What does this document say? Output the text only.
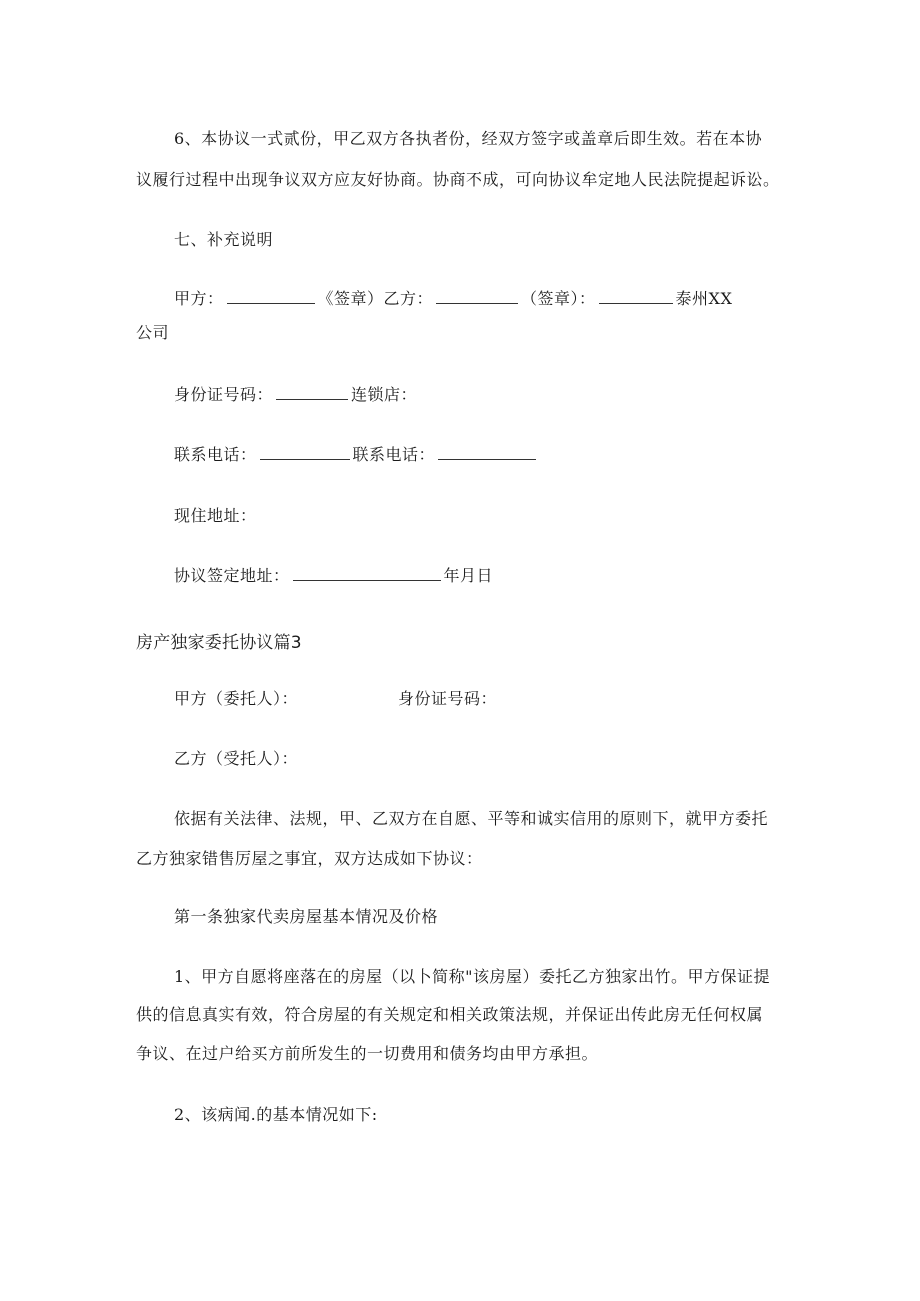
6、本协议一式贰份，甲乙双方各执者份，经双方签字或盖章后即生效。若在本协
议履行过程中出现争议双方应友好协商。协商不成，可向协议牟定地人民法院提起诉讼。
七、补充说明
甲方：	《签章）乙方：	（签章）：	泰州XX
公司
身份证号码：	连锁店：
联系电话：	联系电话：
现住地址：
协议签定地址：	年月日
房产独家委托协议篇3
甲方（委托人）：	身份证号码：
乙方（受托人）：
依据有关法律、法规，甲、乙双方在自愿、平等和诚实信用的原则下，就甲方委托
乙方独家错售厉屋之事宜，双方达成如下协议：
第一条独家代卖房屋基本情况及价格
1、甲方自愿将座落在的房屋（以卜简称"该房屋）委托乙方独家出竹。甲方保证提
供的信息真实有效，符合房屋的有关规定和相关政策法规，并保证出传此房无任何权属
争议、在过户给买方前所发生的一切费用和债务均由甲方承担。
2、该病闻.的基本情况如下:
